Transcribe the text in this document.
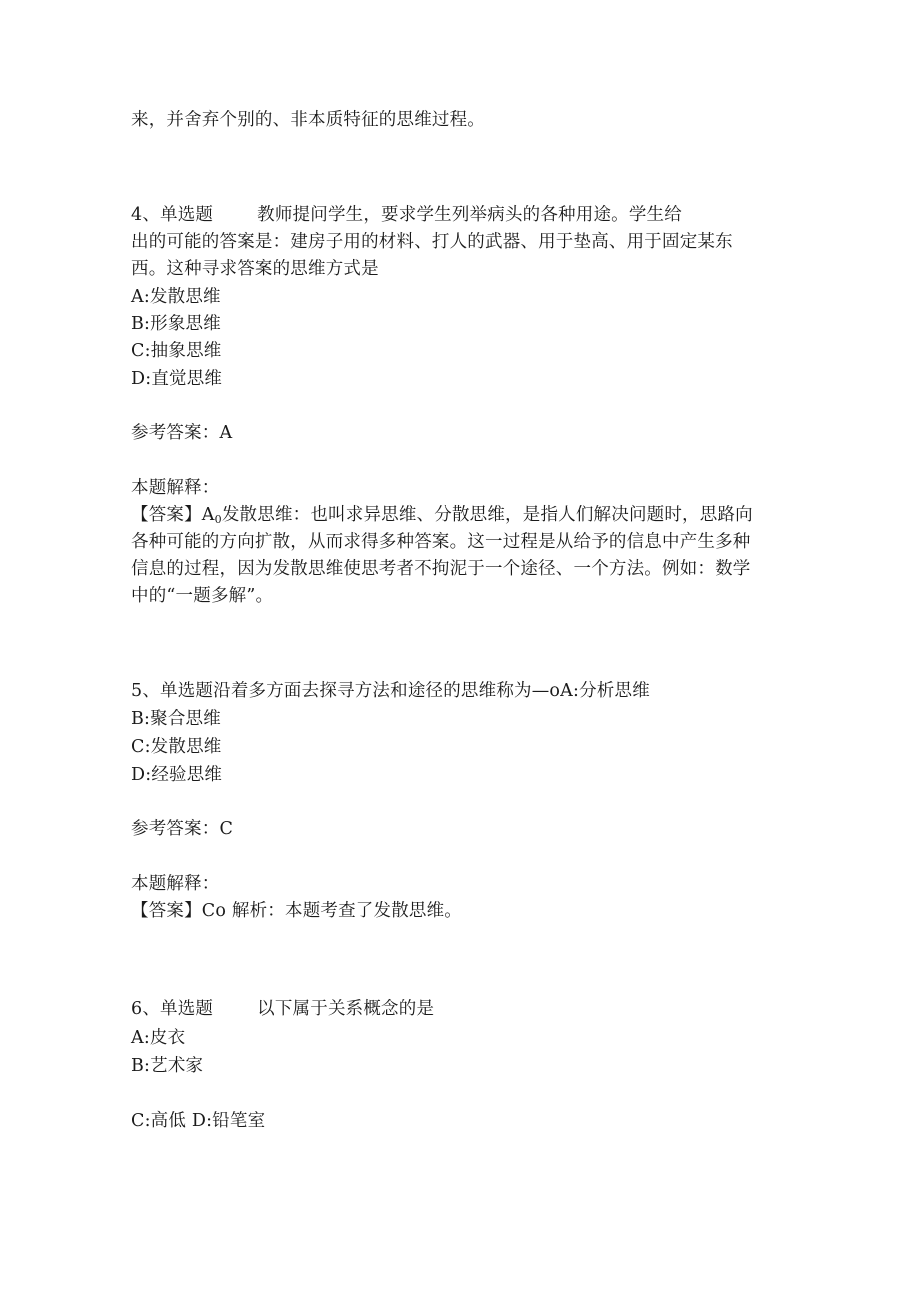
来，并舍弃个别的、非本质特征的思维过程。
4、单选题	教师提问学生，要求学生列举病头的各种用途。学生给
出的可能的答案是：建房子用的材料、打人的武器、用于垫高、用于固定某东
西。这种寻求答案的思维方式是
A:发散思维
B:形象思维
C:抽象思维
D:直觉思维
参考答案：A
本题解释：
【答案】$A_0$发散思维：也叫求异思维、分散思维，是指人们解决问题时，思路向
各种可能的方向扩散，从而求得多种答案。这一过程是从给予的信息中产生多种
信息的过程，因为发散思维使思考者不拘泥于一个途径、一个方法。例如：数学
中的“一题多解”。
5、单选题沿着多方面去探寻方法和途径的思维称为—oA:分析思维
B:聚合思维
C:发散思维
D:经验思维
参考答案：C
本题解释：
【答案】Co 解析：本题考查了发散思维。
6、单选题	以下属于关系概念的是
A:皮衣
B:艺术家
C:高低 D:铅笔室
